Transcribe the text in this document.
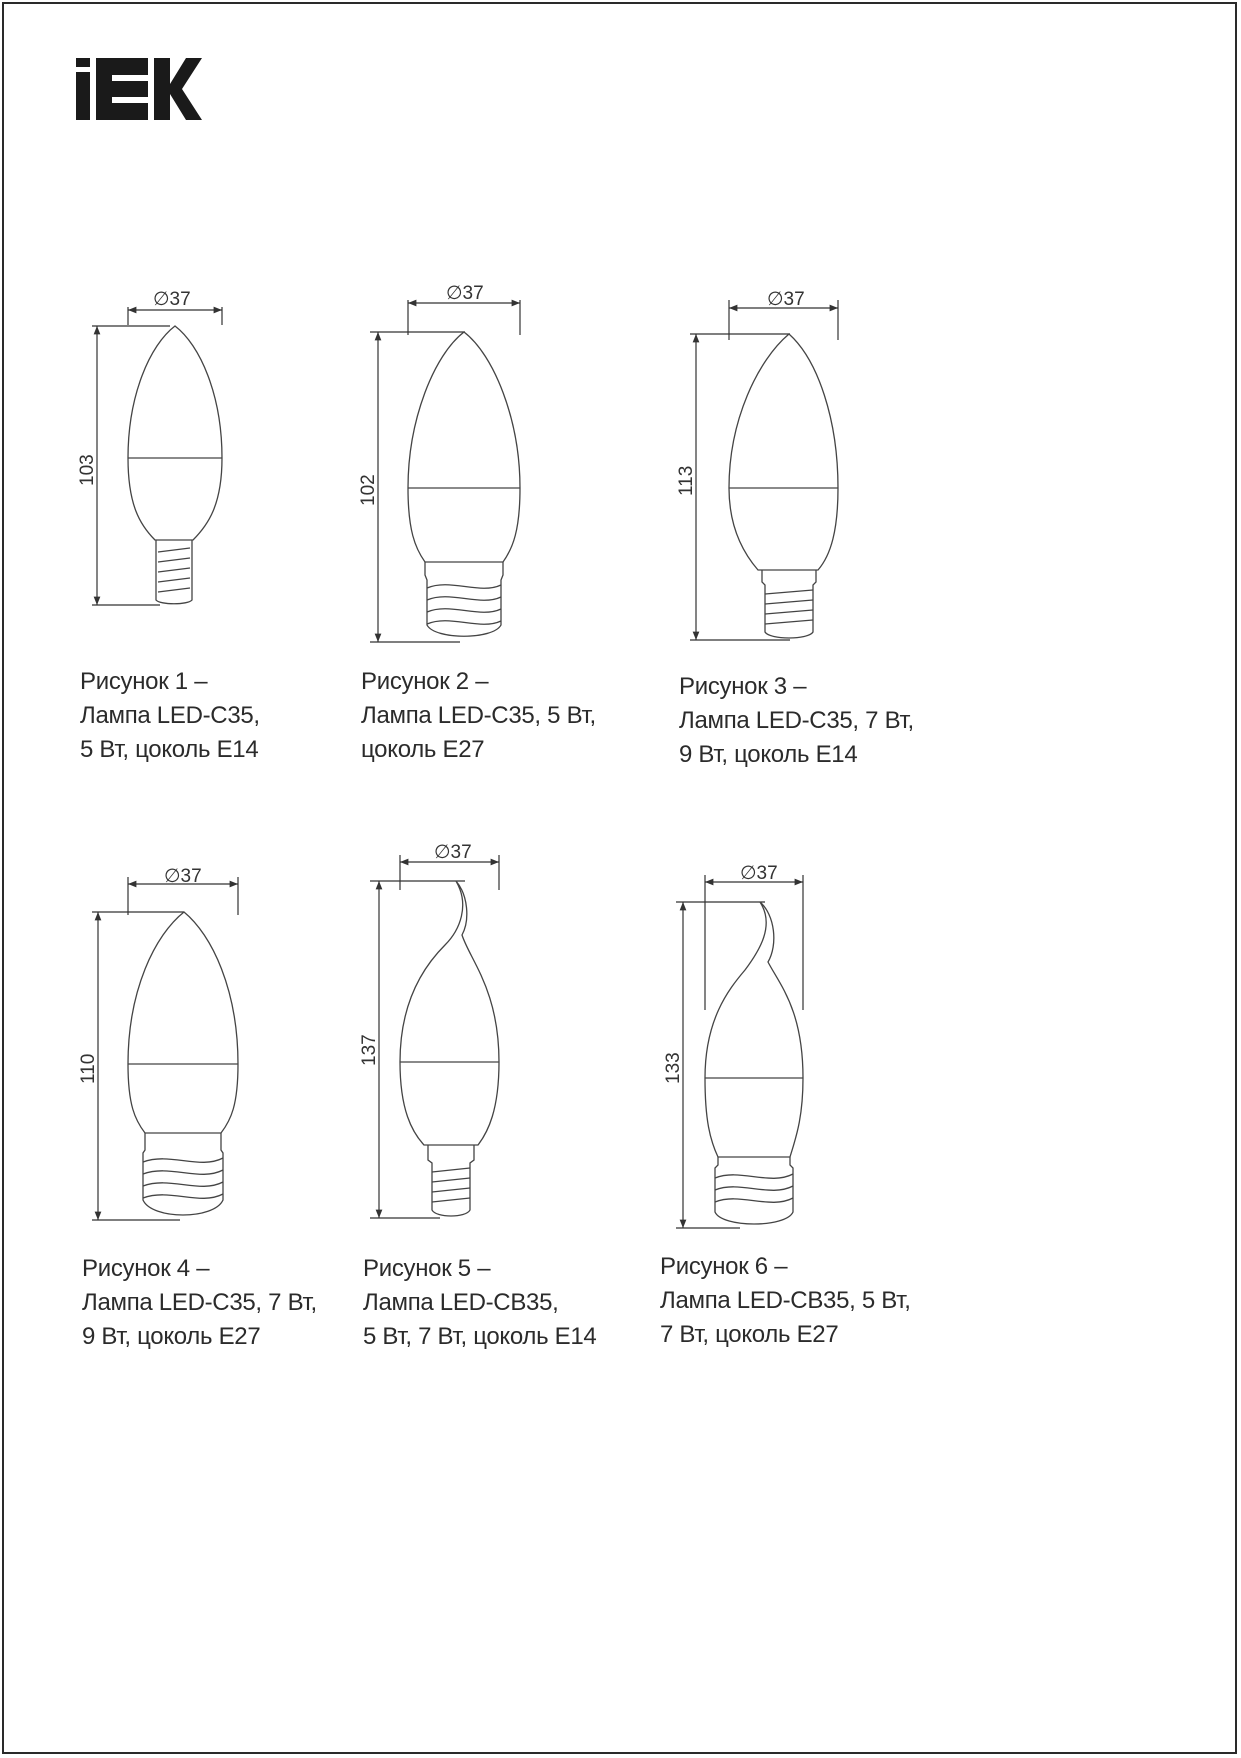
∅37
103
∅37
102
∅37
113
∅37
110
∅37
137
∅37
133
Рисунок 1 –
Лампа LED-C35,
5 Вт, цоколь E14
Рисунок 2 –
Лампа LED-C35, 5 Вт,
цоколь E27
Рисунок 3 –
Лампа LED-C35, 7 Вт,
9 Вт, цоколь E14
Рисунок 4 –
Лампа LED-C35, 7 Вт,
9 Вт, цоколь E27
Рисунок 5 –
Лампа LED-CB35,
5 Вт, 7 Вт, цоколь E14
Рисунок 6 –
Лампа LED-CB35, 5 Вт,
7 Вт, цоколь E27
